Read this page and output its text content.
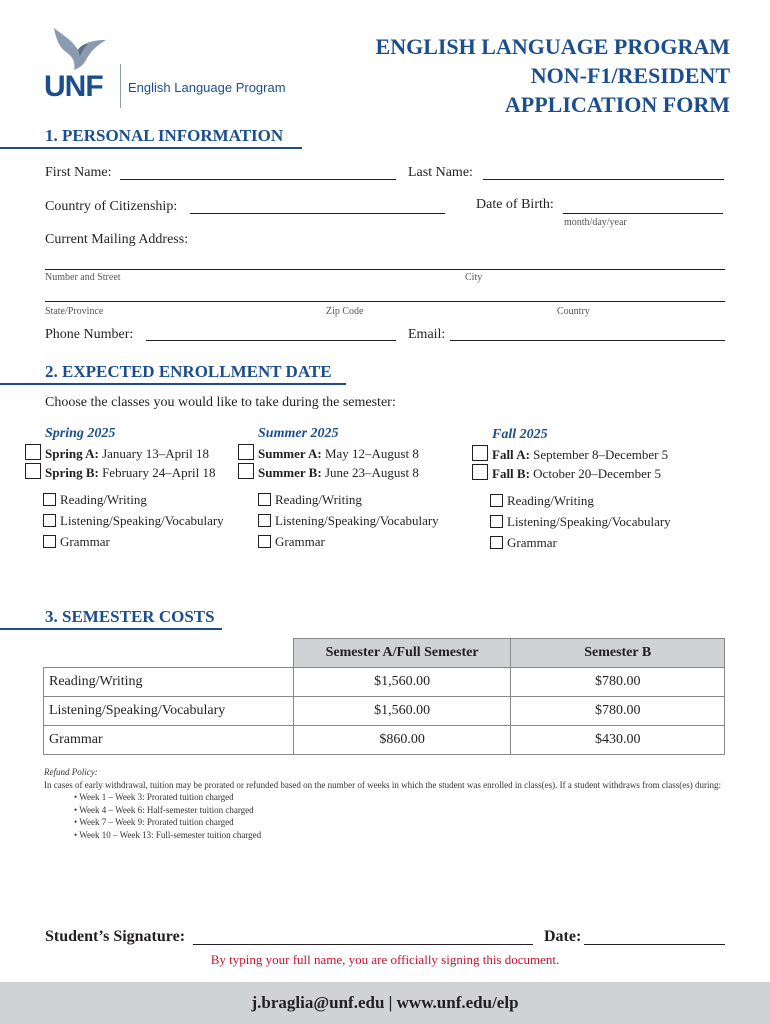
UNF English Language Program
ENGLISH LANGUAGE PROGRAM
NON-F1/RESIDENT
APPLICATION FORM
1. PERSONAL INFORMATION
First Name:	Last Name:
Country of Citizenship:	Date of Birth:
month/day/year
Current Mailing Address:
Number and Street	City
State/Province	Zip Code	Country
Phone Number:	Email:
2. EXPECTED ENROLLMENT DATE
Choose the classes you would like to take during the semester:
Spring 2025
Spring A: January 13–April 18
Spring B: February 24–April 18
Reading/Writing
Listening/Speaking/Vocabulary
Grammar
Summer 2025
Summer A: May 12–August 8
Summer B: June 23–August 8
Reading/Writing
Listening/Speaking/Vocabulary
Grammar
Fall 2025
Fall A: September 8–December 5
Fall B: October 20–December 5
Reading/Writing
Listening/Speaking/Vocabulary
Grammar
3. SEMESTER COSTS
	Semester A/Full Semester	Semester B
Reading/Writing	$1,560.00	$780.00
Listening/Speaking/Vocabulary	$1,560.00	$780.00
Grammar	$860.00	$430.00
Refund Policy:
In cases of early withdrawal, tuition may be prorated or refunded based on the number of weeks in which the student was enrolled in class(es). If a student withdraws from class(es) during:
• Week 1 – Week 3: Prorated tuition charged
• Week 4 – Week 6: Half-semester tuition charged
• Week 7 – Week 9: Prorated tuition charged
• Week 10 – Week 13: Full-semester tuition charged
Student’s Signature:	Date:
By typing your full name, you are officially signing this document.
j.braglia@unf.edu | www.unf.edu/elp
